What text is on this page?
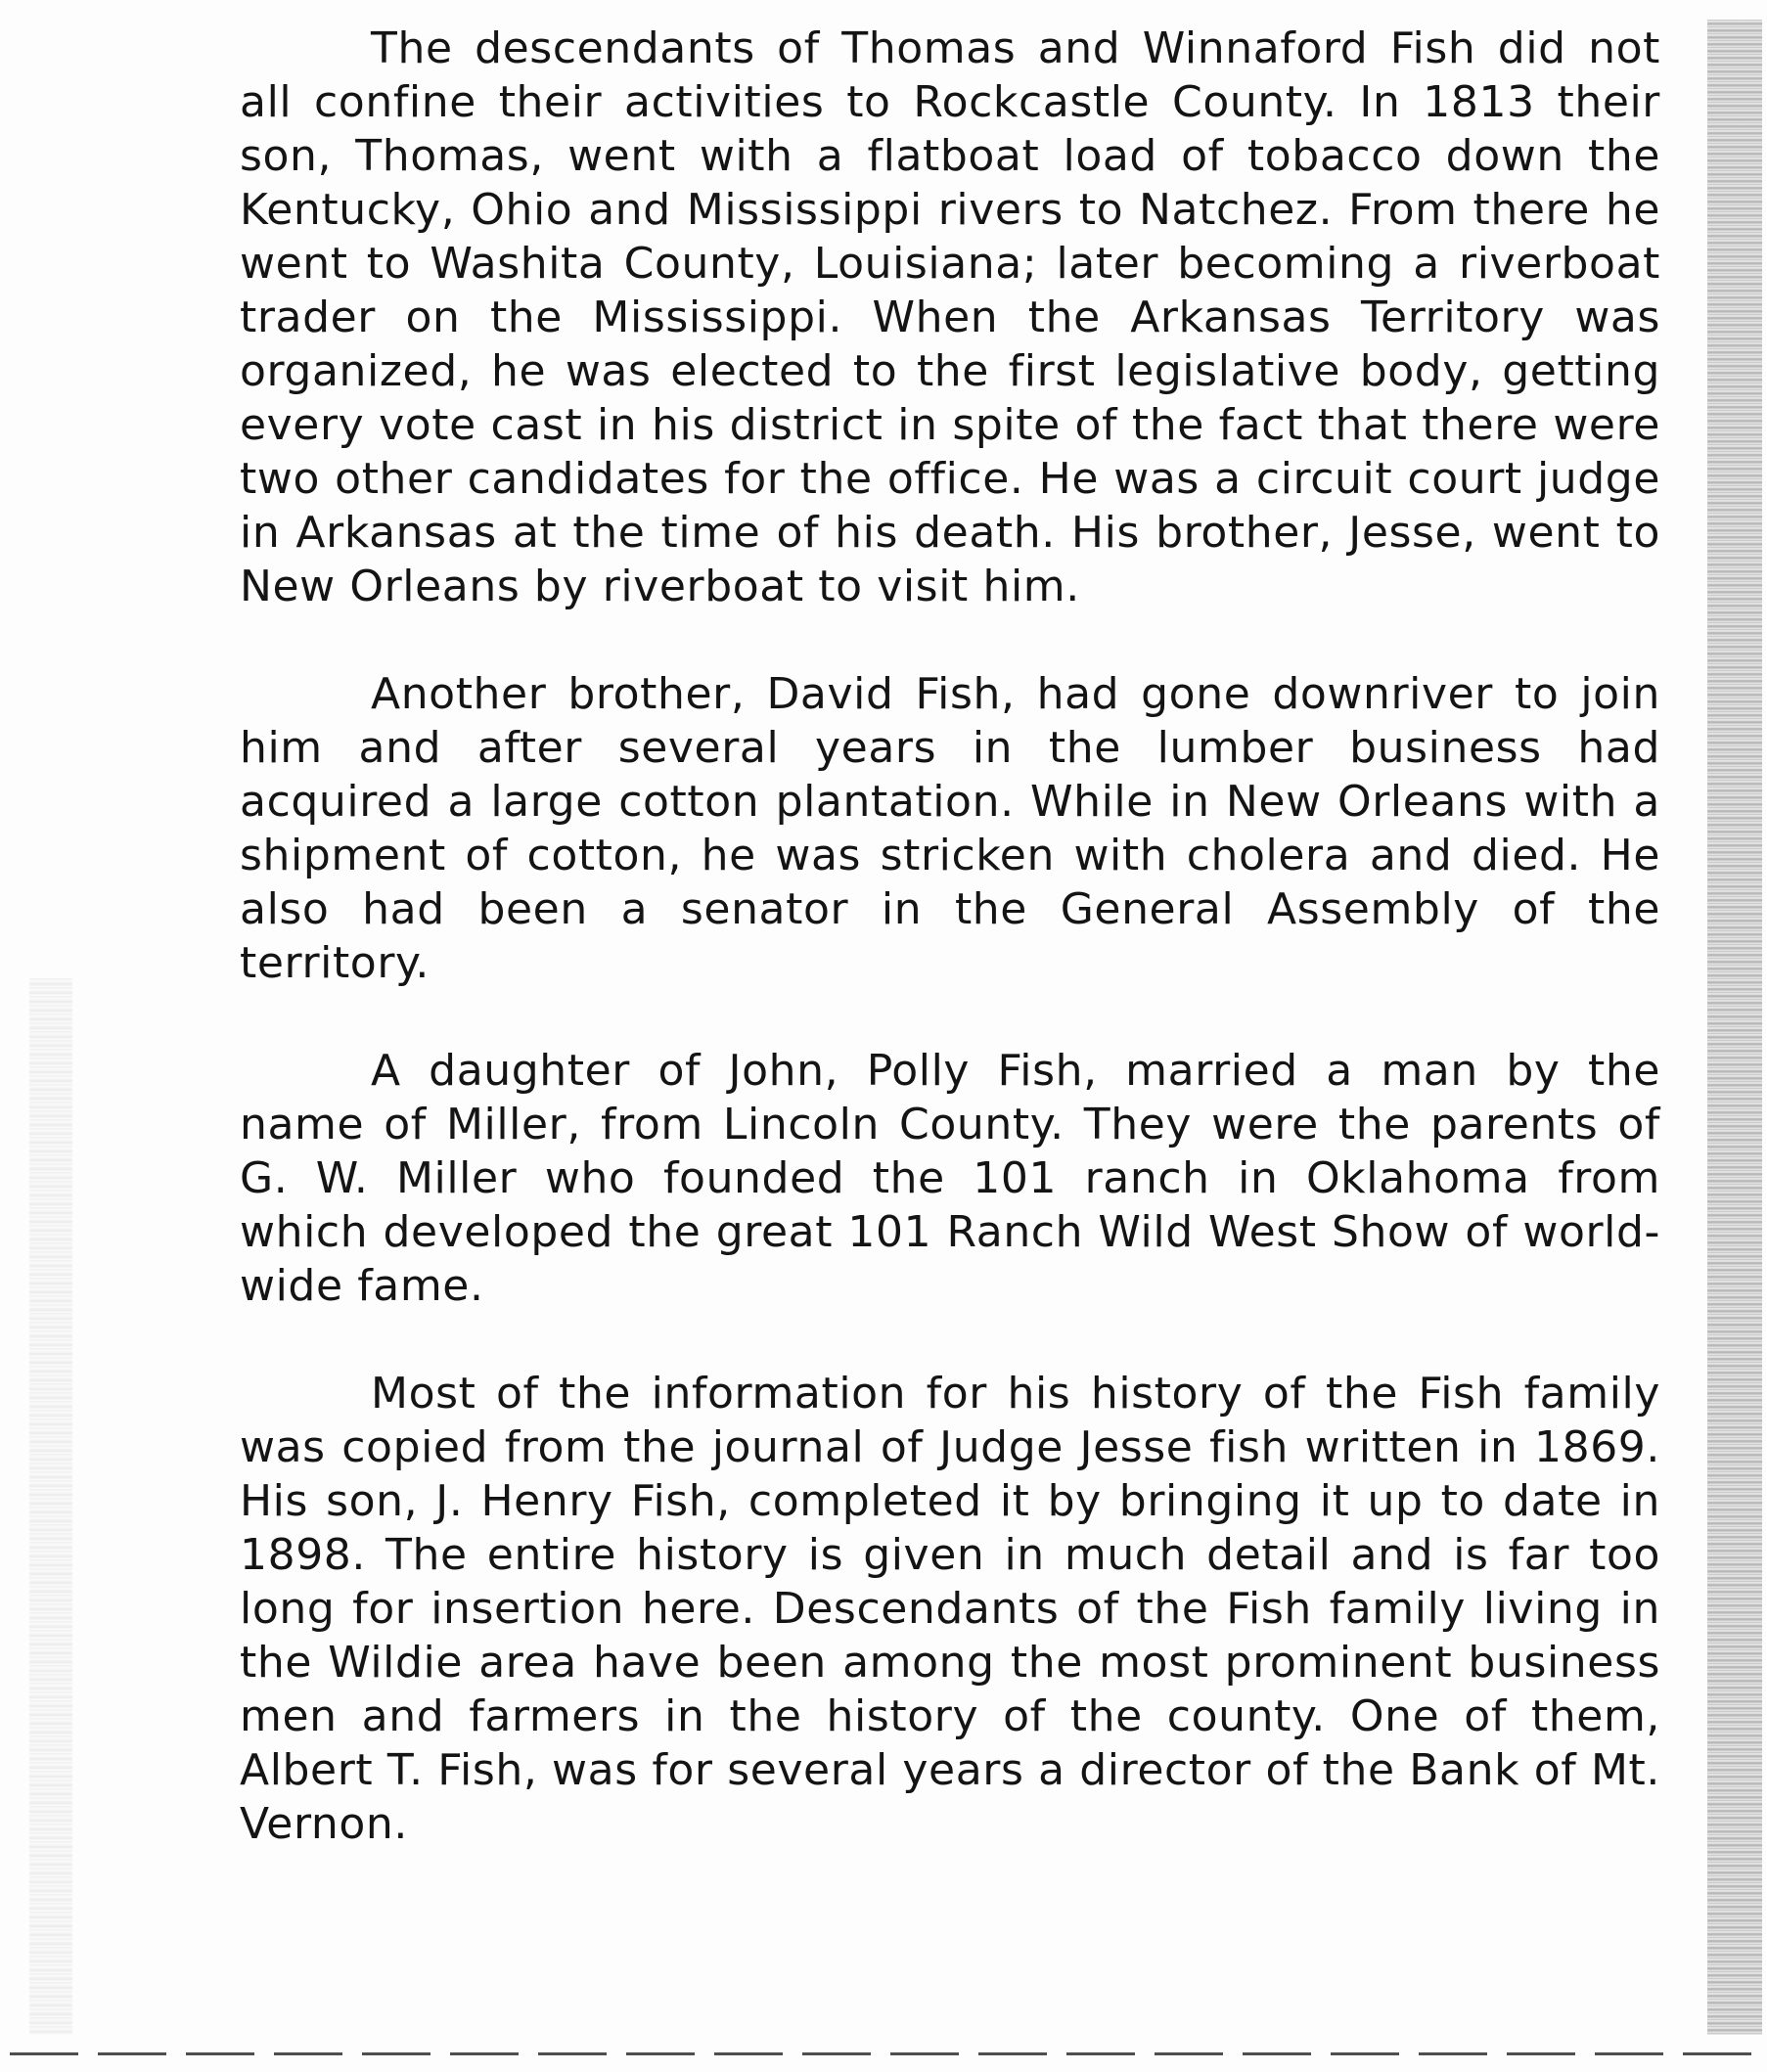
The descendants of Thomas and Winnaford Fish did not all confine their activities to Rockcastle County. In 1813 their son, Thomas, went with a flatboat load of tobacco down the Kentucky, Ohio and Mississippi rivers to Natchez. From there he went to Washita County, Louisiana; later becoming a riverboat trader on the Mississippi. When the Arkansas Territory was organized, he was elected to the first legislative body, getting every vote cast in his district in spite of the fact that there were two other candidates for the office. He was a circuit court judge in Arkansas at the time of his death. His brother, Jesse, went to New Orleans by riverboat to visit him.

Another brother, David Fish, had gone downriver to join him and after several years in the lumber business had acquired a large cotton plantation. While in New Orleans with a shipment of cotton, he was stricken with cholera and died. He also had been a senator in the General Assembly of the territory.

A daughter of John, Polly Fish, married a man by the name of Miller, from Lincoln County. They were the parents of G. W. Miller who founded the 101 ranch in Oklahoma from which developed the great 101 Ranch Wild West Show of world-wide fame.

Most of the information for his history of the Fish family was copied from the journal of Judge Jesse fish written in 1869. His son, J. Henry Fish, completed it by bringing it up to date in 1898. The entire history is given in much detail and is far too long for insertion here. Descendants of the Fish family living in the Wildie area have been among the most prominent business men and farmers in the history of the county. One of them, Albert T. Fish, was for several years a director of the Bank of Mt. Vernon.
